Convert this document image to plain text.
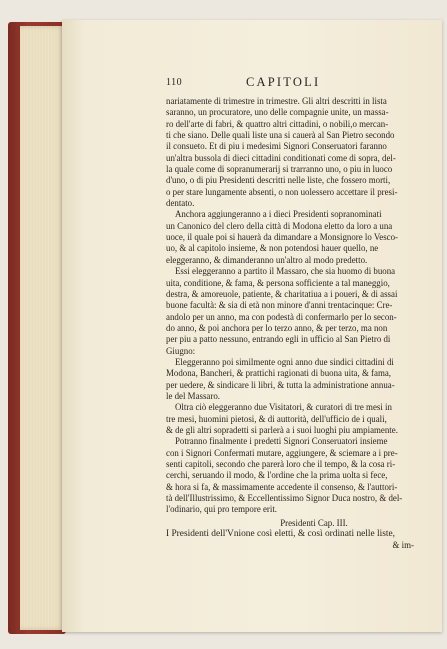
110	CAPITOLI
nariatamente di trimestre in trimestre. Gli altri descritti in lista
saranno, un procuratore, uno delle compagnie unite, un massa-
ro dell'arte di fabri, & quattro altri cittadini, o nobili,o mercan-
ti che siano. Delle quali liste una si cauerà al San Pietro secondo
il consueto. Et di piu i medesimi Signori Conseruatori faranno
un'altra bussola di dieci cittadini conditionati come di sopra, del-
la quale come di sopranumerarij si trarranno uno, o piu in luoco
d'uno, o di piu Presidenti descritti nelle liste, che fossero morti,
o per stare lungamente absenti, o non uolessero accettare il presi-
dentato.
Anchora aggiungeranno a i dieci Presidenti sopranominati
un Canonico del clero della città di Modona eletto da loro a una
uoce, il quale poi si hauerà da dimandare a Monsignore lo Vesco-
uo, & al capitolo insieme, & non potendosi hauer quello, ne
eleggeranno, & dimanderanno un'altro al modo predetto.
Essi eleggeranno a partito il Massaro, che sia huomo di buona
uita, conditione, & fama, & persona sofficiente a tal maneggio,
destra, & amoreuole, patiente, & charitatiua a i poueri, & di assai
buone facultà: & sia di età non minore d'anni trentacinque: Cre-
andolo per un anno, ma con podestà di confermarlo per lo secon-
do anno, & poi anchora per lo terzo anno, & per terzo, ma non
per piu a patto nessuno, entrando egli in ufficio al San Pietro di
Giugno:
Eleggeranno poi similmente ogni anno due sindici cittadini di
Modona, Bancheri, & prattichi ragionati di buona uita, & fama,
per uedere, & sindicare li libri, & tutta la administratione annua-
le del Massaro.
Oltra ciò eleggeranno due Visitatori, & curatori di tre mesi in
tre mesi, huomini pietosi, & di auttorità, dell'ufficio de i quali,
& de gli altri sopradetti si parlerà a i suoi luoghi piu ampiamente.
Potranno finalmente i predetti Signori Conseruatori insieme
con i Signori Confermati mutare, aggiungere, & sciemare a i pre-
senti capitoli, secondo che parerà loro che il tempo, & la cosa ri-
cerchi, seruando il modo, & l'ordine che la prima uolta si fece,
& hora si fa, & massimamente accedente il consenso, & l'auttori-
tà dell'Illustrissimo, & Eccellentissimo Signor Duca nostro, & del-
l'odinario, qui pro tempore erit.
Presidenti Cap. III.
I Presidenti dell'Vnione così eletti, & così ordinati nelle liste,
& im-
